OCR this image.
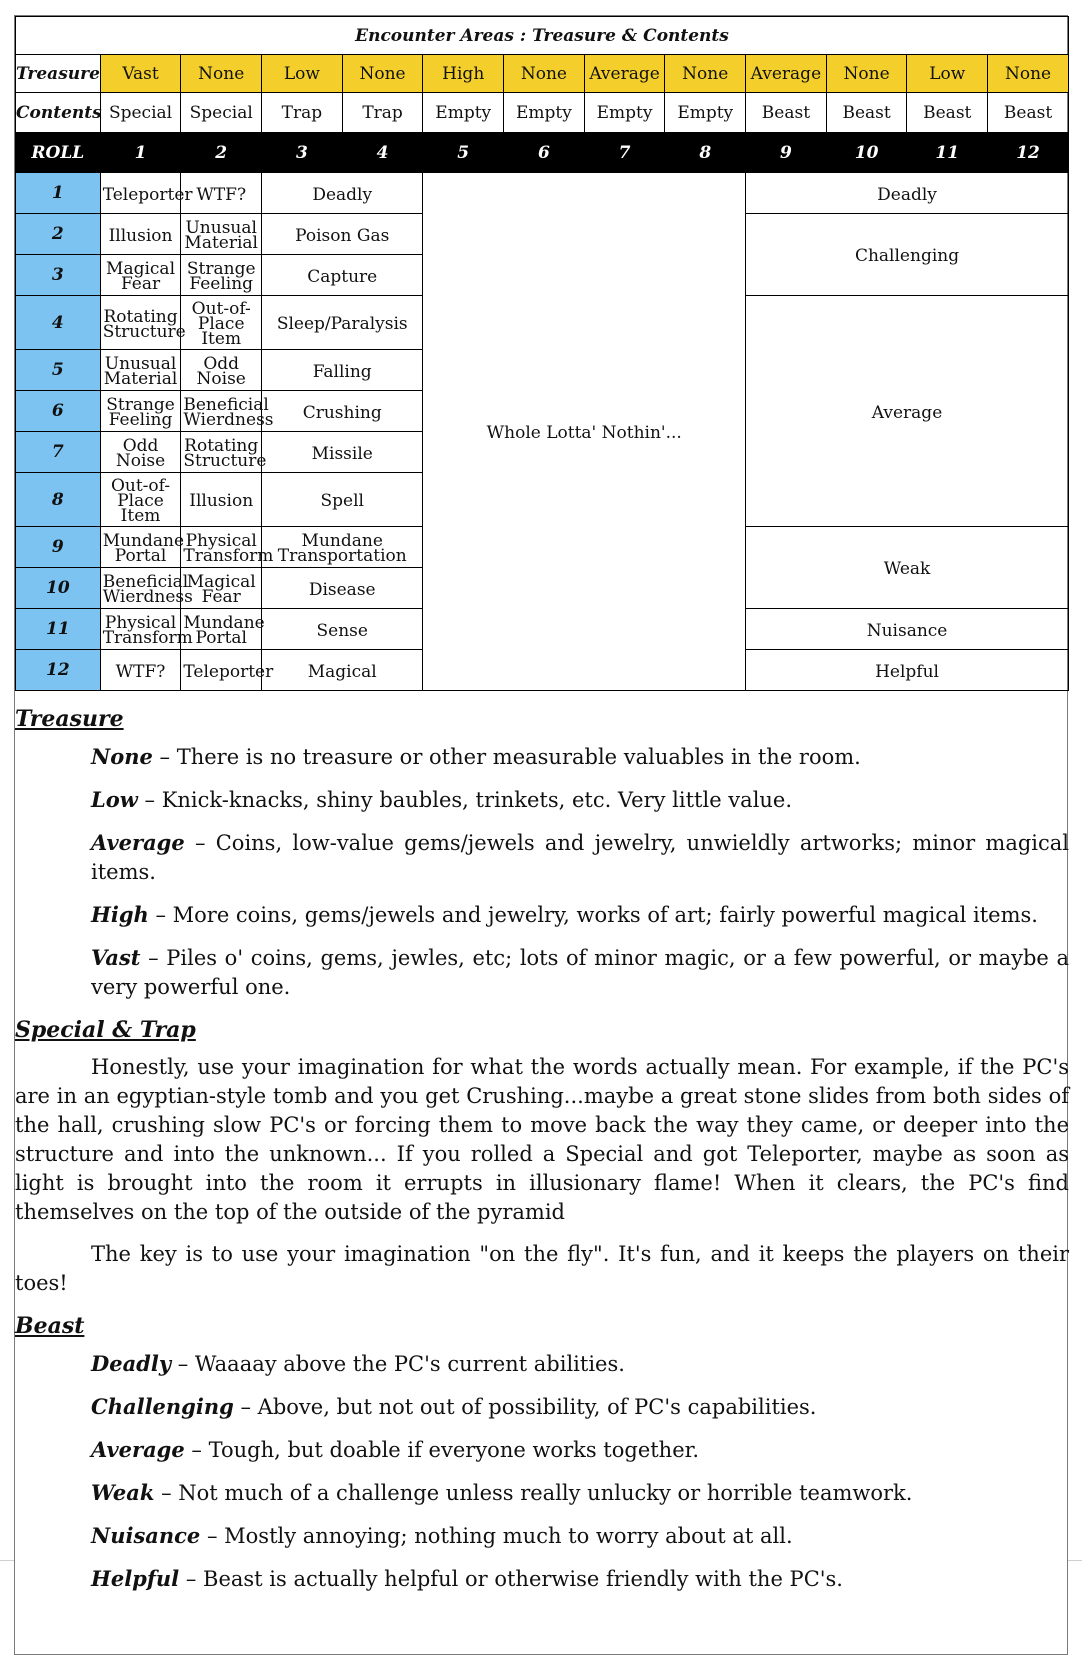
Encounter Areas : Treasure & Contents												
Treasure	Vast	None	Low	None	High	None	Average	None	Average	None	Low	None
Contents	Special	Special	Trap	Trap	Empty	Empty	Empty	Empty	Beast	Beast	Beast	Beast
ROLL	1	2	3	4	5	6	7	8	9	10	11	12
1	Teleporter	WTF?	Deadly		Whole Lotta' Nothin'...				Deadly			
2	Illusion	Unusual Material	Poison Gas						Challenging			
3	Magical Fear	Strange Feeling	Capture									
4	Rotating Structure	Out-of-Place Item	Sleep/Paralysis						Average			
5	Unusual Material	Odd Noise	Falling									
6	Strange Feeling	Beneficial Wierdness	Crushing									
7	Odd Noise	Rotating Structure	Missile									
8	Out-of-Place Item	Illusion	Spell									
9	Mundane Portal	Physical Transform	Mundane Transportation						Weak			
10	Beneficial Wierdness	Magical Fear	Disease									
11	Physical Transform	Mundane Portal	Sense						Nuisance			
12	WTF?	Teleporter	Magical						Helpful			
Treasure
None – There is no treasure or other measurable valuables in the room.
Low – Knick-knacks, shiny baubles, trinkets, etc. Very little value.
Average – Coins, low-value gems/jewels and jewelry, unwieldly artworks; minor magical items.
High – More coins, gems/jewels and jewelry, works of art; fairly powerful magical items.
Vast – Piles o' coins, gems, jewles, etc; lots of minor magic, or a few powerful, or maybe a very powerful one.
Special & Trap
Honestly, use your imagination for what the words actually mean. For example, if the PC's are in an egyptian-style tomb and you get Crushing...maybe a great stone slides from both sides of the hall, crushing slow PC's or forcing them to move back the way they came, or deeper into the structure and into the unknown... If you rolled a Special and got Teleporter, maybe as soon as light is brought into the room it errupts in illusionary flame! When it clears, the PC's find themselves on the top of the outside of the pyramid
The key is to use your imagination "on the fly". It's fun, and it keeps the players on their toes!
Beast
Deadly – Waaaay above the PC's current abilities.
Challenging – Above, but not out of possibility, of PC's capabilities.
Average – Tough, but doable if everyone works together.
Weak – Not much of a challenge unless really unlucky or horrible teamwork.
Nuisance – Mostly annoying; nothing much to worry about at all.
Helpful – Beast is actually helpful or otherwise friendly with the PC's.
